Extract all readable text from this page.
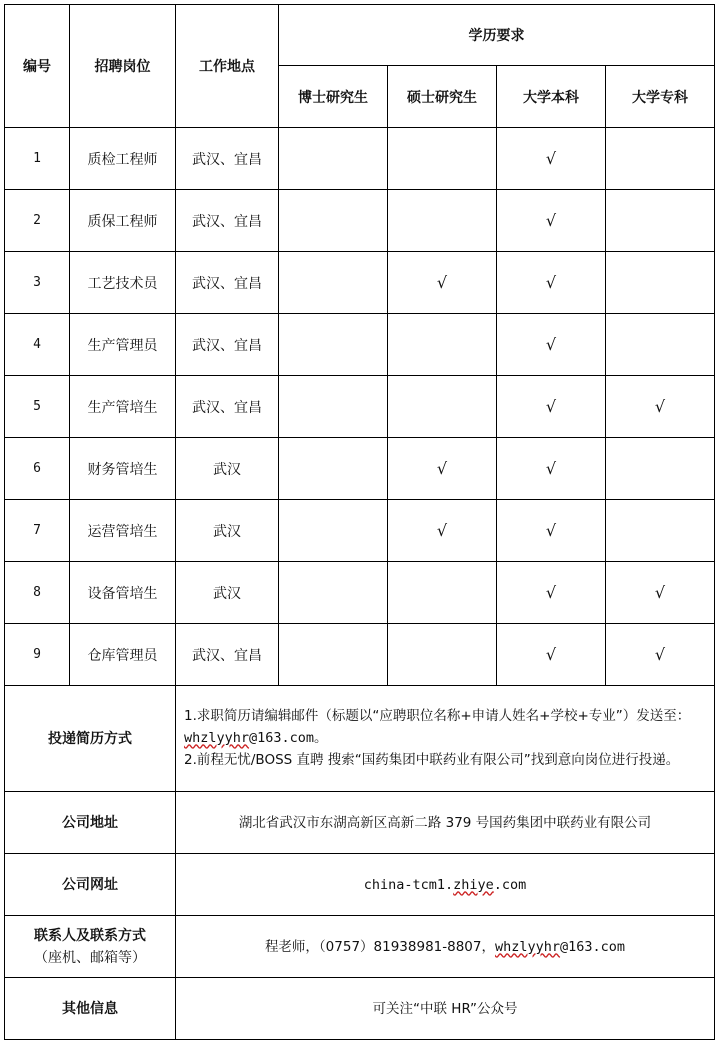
编号	招聘岗位	工作地点	学历要求			
			博士研究生	硕士研究生	大学本科	大学专科
1	质检工程师	武汉、宜昌			√	
2	质保工程师	武汉、宜昌			√	
3	工艺技术员	武汉、宜昌		√	√	
4	生产管理员	武汉、宜昌			√	
5	生产管培生	武汉、宜昌			√	√
6	财务管培生	武汉		√	√	
7	运营管培生	武汉		√	√	
8	设备管培生	武汉			√	√
9	仓库管理员	武汉、宜昌			√	√
投递简历方式		1.求职简历请编辑邮件（标题以“应聘职位名称+申请人姓名+学校+专业”）发送至：whzlyyhr@163.com。
2.前程无忧/BOSS 直聘 搜索“国药集团中联药业有限公司”找到意向岗位进行投递。				

公司地址		湖北省武汉市东湖高新区高新二路 379 号国药集团中联药业有限公司				
公司网址		china-tcm1.zhiye.com				

联系人及联系方式
（座机、邮箱等）		程老师，（0757）81938981-8807，whzlyyhr@163.com				
其他信息		可关注“中联 HR”公众号				
